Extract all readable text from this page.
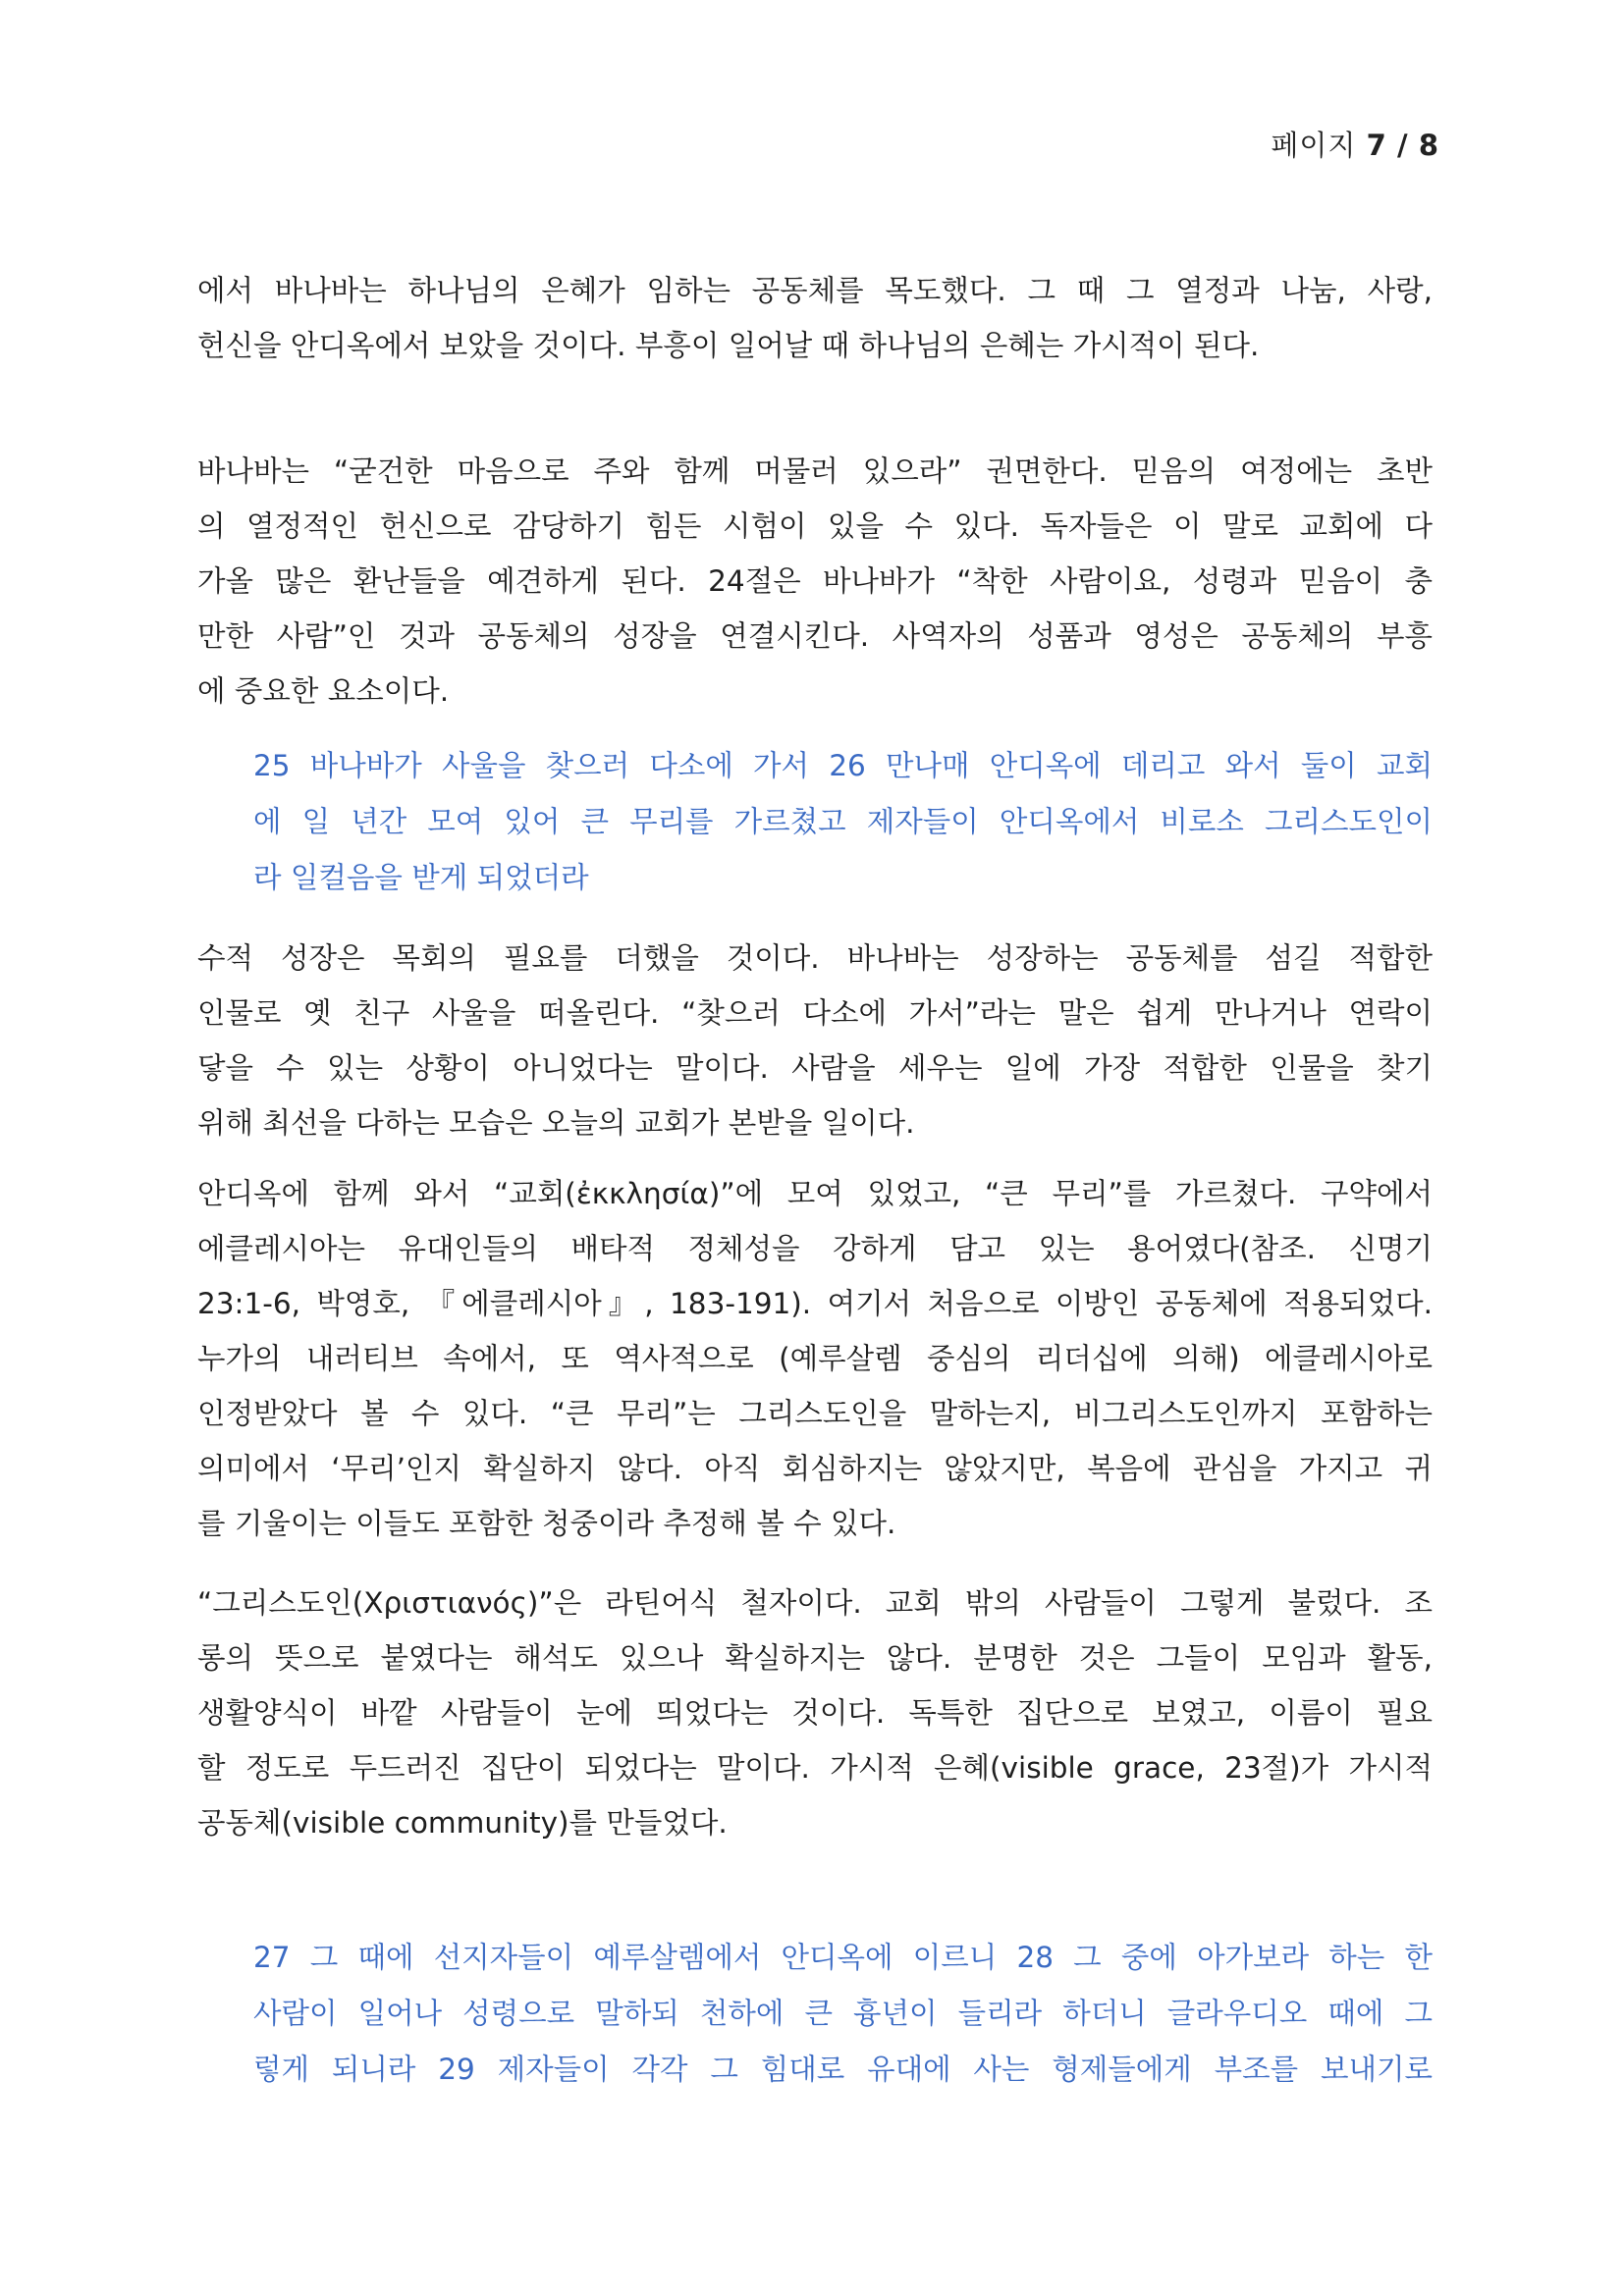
페이지 7 / 8
에서 바나바는 하나님의 은혜가 임하는 공동체를 목도했다. 그 때 그 열정과 나눔, 사랑,
헌신을 안디옥에서 보았을 것이다. 부흥이 일어날 때 하나님의 은혜는 가시적이 된다.
바나바는 “굳건한 마음으로 주와 함께 머물러 있으라” 권면한다. 믿음의 여정에는 초반
의 열정적인 헌신으로 감당하기 힘든 시험이 있을 수 있다. 독자들은 이 말로 교회에 다
가올 많은 환난들을 예견하게 된다. 24절은 바나바가 “착한 사람이요, 성령과 믿음이 충
만한 사람”인 것과 공동체의 성장을 연결시킨다. 사역자의 성품과 영성은 공동체의 부흥
에 중요한 요소이다.
25 바나바가 사울을 찾으러 다소에 가서 26 만나매 안디옥에 데리고 와서 둘이 교회
에 일 년간 모여 있어 큰 무리를 가르쳤고 제자들이 안디옥에서 비로소 그리스도인이
라 일컬음을 받게 되었더라
수적 성장은 목회의 필요를 더했을 것이다. 바나바는 성장하는 공동체를 섬길 적합한
인물로 옛 친구 사울을 떠올린다. “찾으러 다소에 가서”라는 말은 쉽게 만나거나 연락이
닿을 수 있는 상황이 아니었다는 말이다. 사람을 세우는 일에 가장 적합한 인물을 찾기
위해 최선을 다하는 모습은 오늘의 교회가 본받을 일이다.
안디옥에 함께 와서 “교회(ἐκκλησία)”에 모여 있었고, “큰 무리”를 가르쳤다. 구약에서
에클레시아는 유대인들의 배타적 정체성을 강하게 담고 있는 용어였다(참조. 신명기
23:1-6, 박영호, 『에클레시아』, 183-191). 여기서 처음으로 이방인 공동체에 적용되었다.
누가의 내러티브 속에서, 또 역사적으로 (예루살렘 중심의 리더십에 의해) 에클레시아로
인정받았다 볼 수 있다. “큰 무리”는 그리스도인을 말하는지, 비그리스도인까지 포함하는
의미에서 ‘무리’인지 확실하지 않다. 아직 회심하지는 않았지만, 복음에 관심을 가지고 귀
를 기울이는 이들도 포함한 청중이라 추정해 볼 수 있다.
“그리스도인(Χριστιανός)”은 라틴어식 철자이다. 교회 밖의 사람들이 그렇게 불렀다. 조
롱의 뜻으로 붙였다는 해석도 있으나 확실하지는 않다. 분명한 것은 그들이 모임과 활동,
생활양식이 바깥 사람들이 눈에 띄었다는 것이다. 독특한 집단으로 보였고, 이름이 필요
할 정도로 두드러진 집단이 되었다는 말이다. 가시적 은혜(visible grace, 23절)가 가시적
공동체(visible community)를 만들었다.
27 그 때에 선지자들이 예루살렘에서 안디옥에 이르니 28 그 중에 아가보라 하는 한
사람이 일어나 성령으로 말하되 천하에 큰 흉년이 들리라 하더니 글라우디오 때에 그
렇게 되니라 29 제자들이 각각 그 힘대로 유대에 사는 형제들에게 부조를 보내기로
